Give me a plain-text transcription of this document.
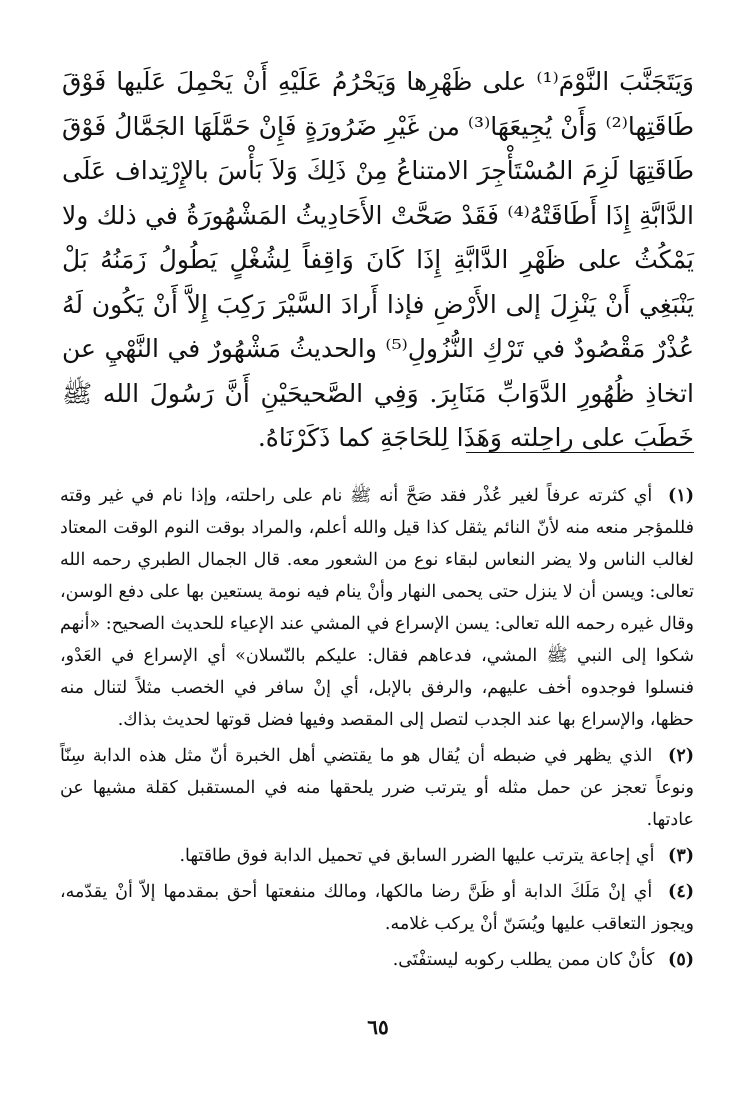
وَيَتَجَنَّبَ النَّوْمَ⁽¹⁾ على ظَهْرِها وَيَحْرُمُ عَلَيْهِ أَنْ يَحْمِلَ عَلَيها فَوْقَ طَاقَتِها⁽²⁾ وَأَنْ يُجِيعَهَا⁽³⁾ من غَيْرِ ضَرُورَةٍ فَإِنْ حَمَّلَهَا الجَمَّالُ فَوْقَ طَاقَتِهَا لَزِمَ المُسْتَأْجِرَ الامتناعُ مِنْ ذَلِكَ وَلاَ بَأْسَ بالإِرْتِداف عَلَى الدَّابَّةِ إِذَا أَطَاقَتْهُ⁽⁴⁾ فَقَدْ صَحَّتْ الأَحَادِيثُ المَشْهُورَةُ في ذلك ولا يَمْكُثُ على ظَهْرِ الدَّابَّةِ إِذَا كَانَ وَاقِفاً لِشُغْلٍ يَطُولُ زَمَنُهُ بَلْ يَنْبَغِي أَنْ يَنْزِلَ إلى الأَرْضِ فإذا أَرادَ السَّيْرَ رَكِبَ إِلاَّ أَنْ يَكُون لَهُ عُذْرٌ مَقْصُودٌ في تَرْكِ النُّزُولِ⁽⁵⁾ والحديثُ مَشْهُورٌ في النَّهْيِ عن اتخاذِ ظُهُورِ الدَّوَابِّ مَنَابِرَ. وَفِي الصَّحيحَيْنِ أَنَّ رَسُولَ الله ﷺ خَطَبَ على راحِلته وَهَذَا لِلحَاجَةِ كما ذَكَرْنَاهُ.

(١) أي كثرته عرفاً لغير عُذْر فقد صَحَّ أنه ﷺ نام على راحلته، وإذا نام في غير وقته فللمؤجر منعه منه لأنّ النائم يثقل كذا قيل والله أعلم، والمراد بوقت النوم الوقت المعتاد لغالب الناس ولا يضر النعاس لبقاء نوع من الشعور معه. قال الجمال الطبري رحمه الله تعالى: ويسن أن لا ينزل حتى يحمى النهار وأنْ ينام فيه نومة يستعين بها على دفع الوسن، وقال غيره رحمه الله تعالى: يسن الإسراع في المشي عند الإعياء للحديث الصحيح: «أنهم شكوا إلى النبي ﷺ المشي، فدعاهم فقال: عليكم بالنّسلان» أي الإسراع في العَدْو، فنسلوا فوجدوه أخف عليهم، والرفق بالإبل، أي إنْ سافر في الخصب مثلاً لتنال منه حظها، والإسراع بها عند الجدب لتصل إلى المقصد وفيها فضل قوتها لحديث بذاك.

(٢) الذي يظهر في ضبطه أن يُقال هو ما يقتضي أهل الخبرة أنّ مثل هذه الدابة سِنّاً ونوعاً تعجز عن حمل مثله أو يترتب ضرر يلحقها منه في المستقبل كقلة مشيها عن عادتها.

(٣) أي إجاعة يترتب عليها الضرر السابق في تحميل الدابة فوق طاقتها.

(٤) أي إنْ مَلَكَ الدابة أو ظَنَّ رضا مالكها، ومالك منفعتها أحق بمقدمها إلاّ أنْ يقدّمه، ويجوز التعاقب عليها ويُسَنّ أنْ يركب غلامه.

(٥) كأنْ كان ممن يطلب ركوبه ليستفْتَى.

٦٥
